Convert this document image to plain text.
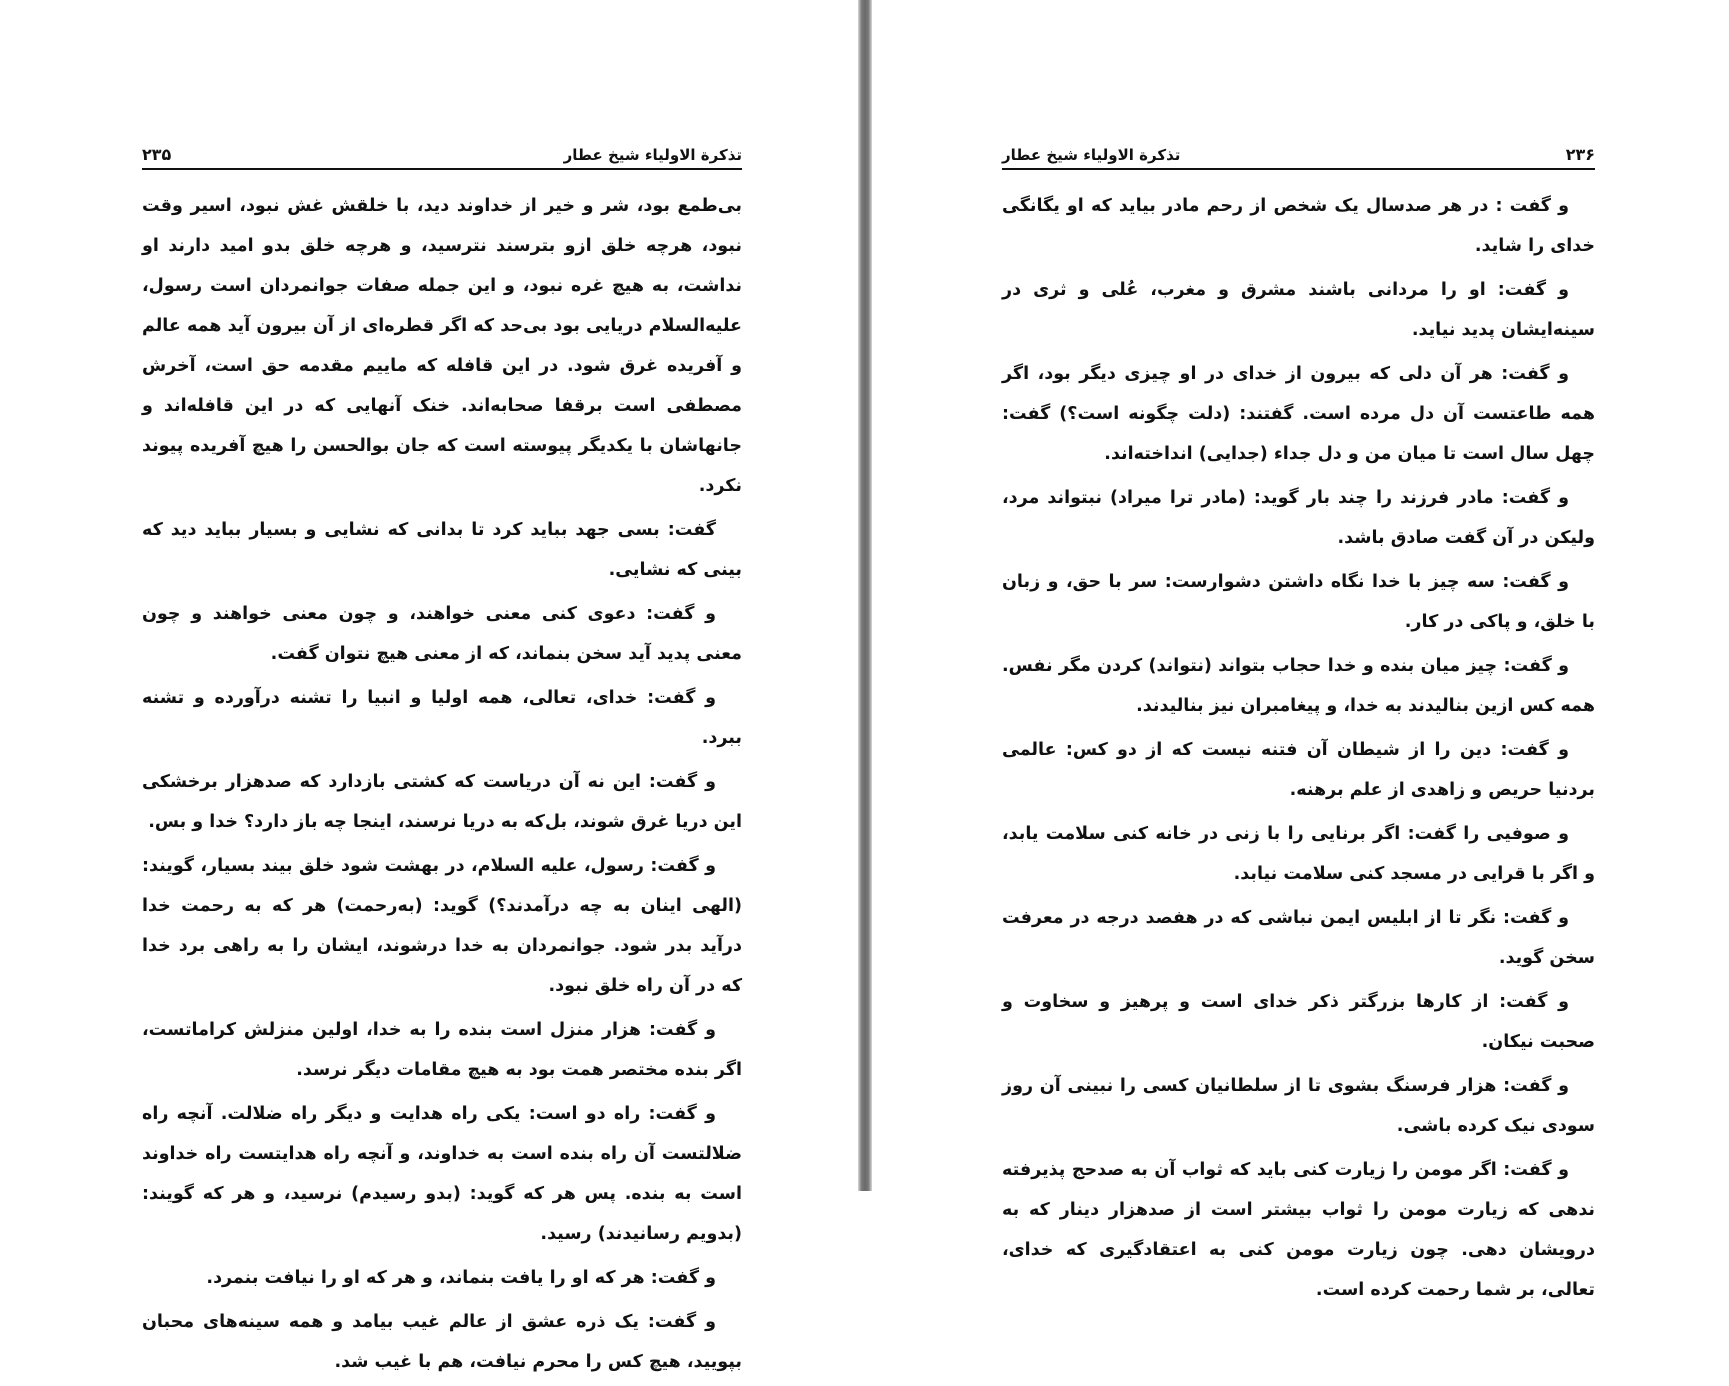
تذکرة الاولیاء شیخ عطار
۲۳۵

بی‌طمع بود، شر و خیر از خداوند دید، با خلقش غش نبود، اسیر وقت نبود، هرچه خلق ازو بترسند نترسید، و هرچه خلق بدو امید دارند او نداشت، به هیچ غره نبود، و این جمله صفات جوانمردان است رسول، علیه‌السلام دریایی بود بی‌حد که اگر قطره‌ای از آن بیرون آید همه عالم و آفریده غرق شود. در این قافله که ماییم مقدمه حق است، آخرش مصطفی است برقفا صحابه‌اند. خنک آنهایی که در این قافله‌اند و جانهاشان با یکدیگر پیوسته است که جان بوالحسن را هیچ آفریده پیوند نکرد.

گفت: بسی جهد بباید کرد تا بدانی که نشایی و بسیار بباید دید که بینی که نشایی.

و گفت: دعوی کنی معنی خواهند، و چون معنی خواهند و چون معنی پدید آید سخن بنماند، که از معنی هیچ نتوان گفت.

و گفت: خدای، تعالی، همه اولیا و انبیا را تشنه درآورده و تشنه ببرد.

و گفت: این نه آن دریاست که کشتی بازدارد که صدهزار برخشکی این دریا غرق شوند، بل‌که به دریا نرسند، اینجا چه باز دارد؟ خدا و بس.

و گفت: رسول، علیه السلام، در بهشت شود خلق بیند بسیار، گویند: (الهی اینان به چه درآمدند؟) گوید: (به‌رحمت) هر که به رحمت خدا درآید بدر شود. جوانمردان به خدا درشوند، ایشان را به راهی برد خدا که در آن راه خلق نبود.

و گفت: هزار منزل است بنده را به خدا، اولین منزلش کراماتست، اگر بنده مختصر همت بود به هیچ مقامات دیگر نرسد.

و گفت: راه دو است: یکی راه هدایت و دیگر راه ضلالت. آنچه راه ضلالتست آن راه بنده است به خداوند، و آنچه راه هدایتست راه خداوند است به بنده. پس هر که گوید: (بدو رسیدم) نرسید، و هر که گویند: (بدویم رسانیدند) رسید.

و گفت: هر که او را یافت بنماند، و هر که او را نیافت بنمرد.

و گفت: یک ذره عشق از عالم غیب بیامد و همه سینه‌های محبان بپویید، هیچ کس را محرم نیافت، هم با غیب شد.

۲۳۶
تذکرة الاولیاء شیخ عطار

و گفت : در هر صدسال یک شخص از رحم مادر بیاید که او یگانگی خدای را شاید.

و گفت: او را مردانی باشند مشرق و مغرب، عُلی و ثری در سینه‌ایشان پدید نیاید.

و گفت: هر آن دلی که بیرون از خدای در او چیزی دیگر بود، اگر همه طاعتست آن دل مرده است. گفتند: (دلت چگونه است؟) گفت: چهل سال است تا میان من و دل جداء (جدایی) انداخته‌اند.

و گفت: مادر فرزند را چند بار گوید: (مادر ترا میراد) نبتواند مرد، ولیکن در آن گفت صادق باشد.

و گفت: سه چیز با خدا نگاه داشتن دشوارست: سر با حق، و زبان با خلق، و پاکی در کار.

و گفت: چیز میان بنده و خدا حجاب بتواند (نتواند) کردن مگر نفس. همه کس ازین بنالیدند به خدا، و پیغامبران نیز بنالیدند.

و گفت: دین را از شیطان آن فتنه نیست که از دو کس: عالمی بردنیا حریص و زاهدی از علم برهنه.

و صوفیی را گفت: اگر برنایی را با زنی در خانه کنی سلامت یابد، و اگر با قرایی در مسجد کنی سلامت نیابد.

و گفت: نگر تا از ابلیس ایمن نباشی که در هفصد درجه در معرفت سخن گوید.

و گفت: از کارها بزرگتر ذکر خدای است و پرهیز و سخاوت و صحبت نیکان.

و گفت: هزار فرسنگ بشوی تا از سلطانیان کسی را نبینی آن روز سودی نیک کرده باشی.

و گفت: اگر مومن را زیارت کنی باید که ثواب آن به صدحج پذیرفته ندهی که زیارت مومن را ثواب بیشتر است از صدهزار دینار که به درویشان دهی. چون زیارت مومن کنی به اعتقادگیری که خدای، تعالی، بر شما رحمت کرده است.
